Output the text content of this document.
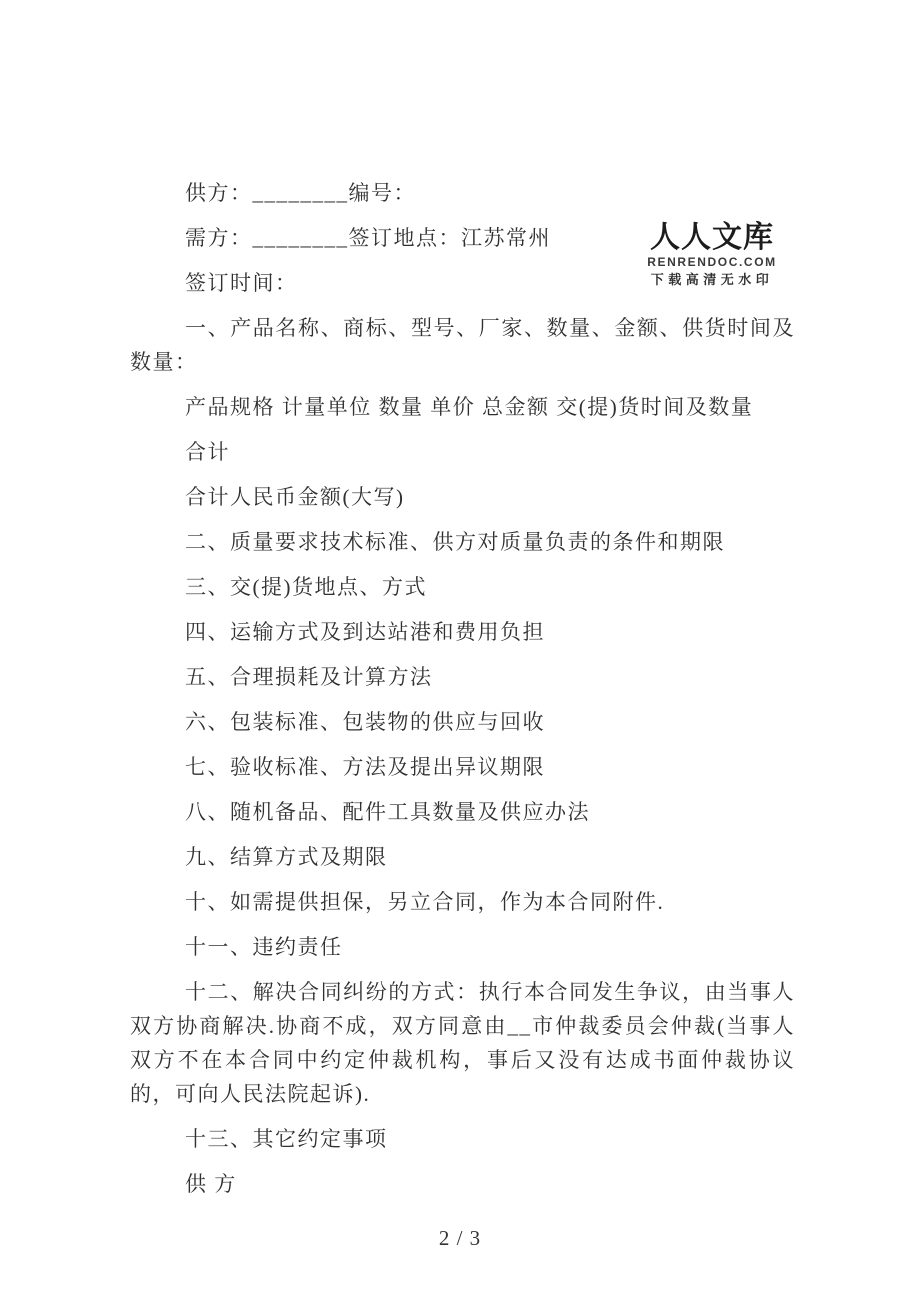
供方：________编号：

需方：________签订地点：江苏常州

签订时间：

一、产品名称、商标、型号、厂家、数量、金额、供货时间及数量：

产品规格 计量单位 数量 单价 总金额 交(提)货时间及数量

合计

合计人民币金额(大写)

二、质量要求技术标准、供方对质量负责的条件和期限

三、交(提)货地点、方式

四、运输方式及到达站港和费用负担

五、合理损耗及计算方法

六、包装标准、包装物的供应与回收

七、验收标准、方法及提出异议期限

八、随机备品、配件工具数量及供应办法

九、结算方式及期限

十、如需提供担保，另立合同，作为本合同附件.

十一、违约责任

十二、解决合同纠纷的方式：执行本合同发生争议，由当事人双方协商解决.协商不成，双方同意由__市仲裁委员会仲裁(当事人双方不在本合同中约定仲裁机构，事后又没有达成书面仲裁协议的，可向人民法院起诉).

十三、其它约定事项

供 方

人人文库
RENRENDOC.COM
下载高清无水印
2 / 3
